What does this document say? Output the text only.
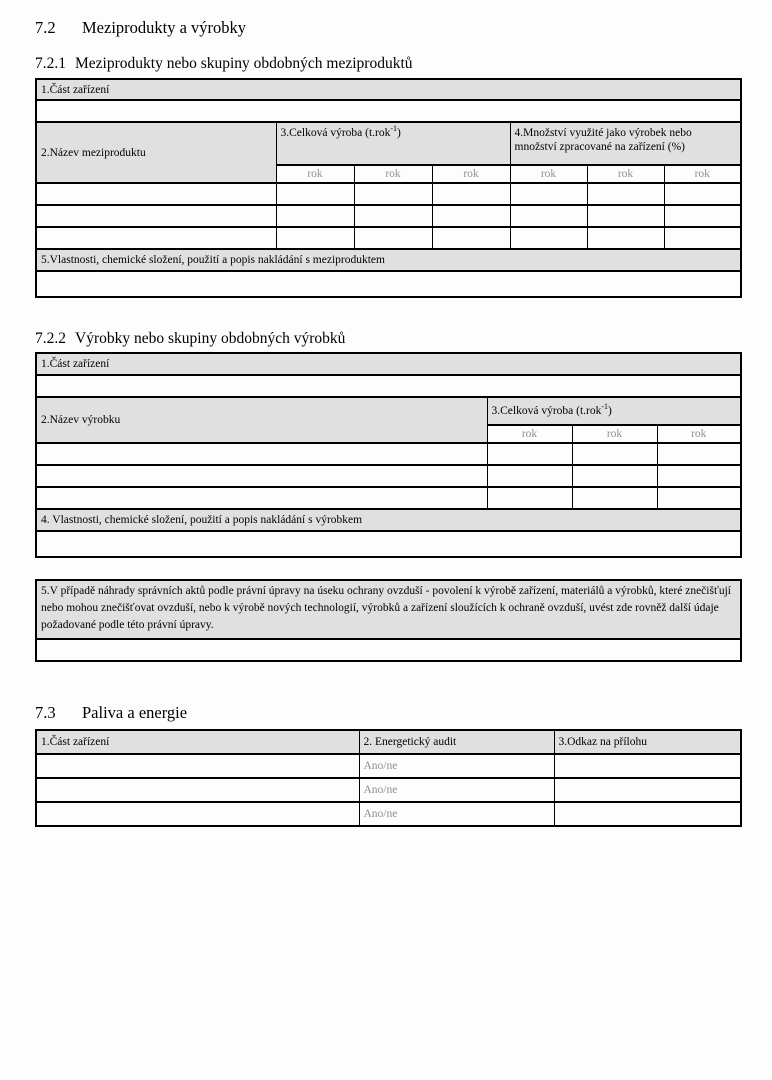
7.2	Meziprodukty a výrobky
7.2.1 Meziprodukty nebo skupiny obdobných meziproduktů
1.Část zařízení						

2.Název meziproduktu	3.Celková výroba (t.rok$^{-1}$)			4.Množství využité jako výrobek nebo množství zpracované na zařízení (%)		
	rok	rok	rok	rok	rok	rok

5.Vlastnosti, chemické složení, použití a popis nakládání s meziproduktem						

7.2.2 Výrobky nebo skupiny obdobných výrobků
1.Část zařízení			

2.Název výrobku	3.Celková výroba (t.rok$^{-1}$)		
	rok	rok	rok

4. Vlastnosti, chemické složení, použití a popis nakládání s výrobkem			

5.V případě náhrady správních aktů podle právní úpravy na úseku ochrany ovzduší - povolení k výrobě zařízení, materiálů a výrobků, které znečišťují nebo mohou znečišťovat ovzduší, nebo k výrobě nových technologií, výrobků a zařízení sloužících k ochraně ovzduší, uvést zde rovněž další údaje požadované podle této právní úpravy.

7.3	Paliva a energie
1.Část zařízení	2. Energetický audit	3.Odkaz na přílohu
	Ano/ne	
	Ano/ne	
	Ano/ne	
